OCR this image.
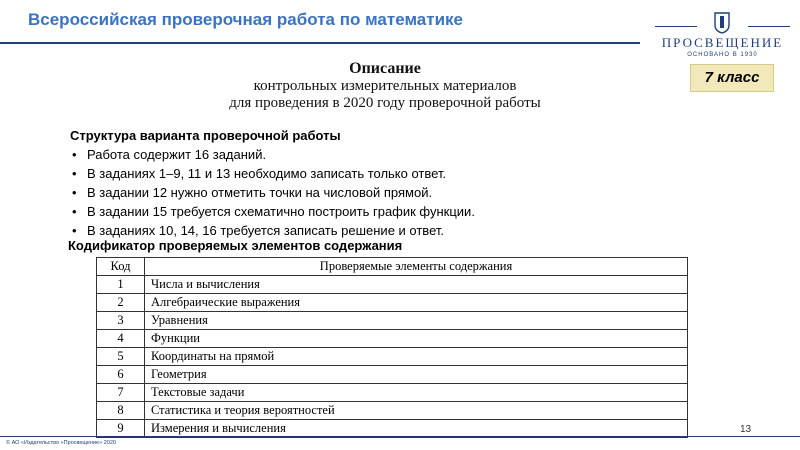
Всероссийская проверочная работа по математике
ПРОСВЕЩЕНИЕ
ОСНОВАНО В 1930
7 класс
Описание
контрольных измерительных материалов
для проведения в 2020 году проверочной работы
Структура варианта проверочной работы
• Работа содержит 16 заданий.
• В заданиях 1–9, 11 и 13 необходимо записать только ответ.
• В задании 12 нужно отметить точки на числовой прямой.
• В задании 15 требуется схематично построить график функции.
• В заданиях 10, 14, 16 требуется записать решение и ответ.
Кодификатор проверяемых элементов содержания
Код	Проверяемые элементы содержания
1	Числа и вычисления
2	Алгебраические выражения
3	Уравнения
4	Функции
5	Координаты на прямой
6	Геометрия
7	Текстовые задачи
8	Статистика и теория вероятностей
9	Измерения и вычисления	13
© АО «Издательство «Просвещение» 2020
